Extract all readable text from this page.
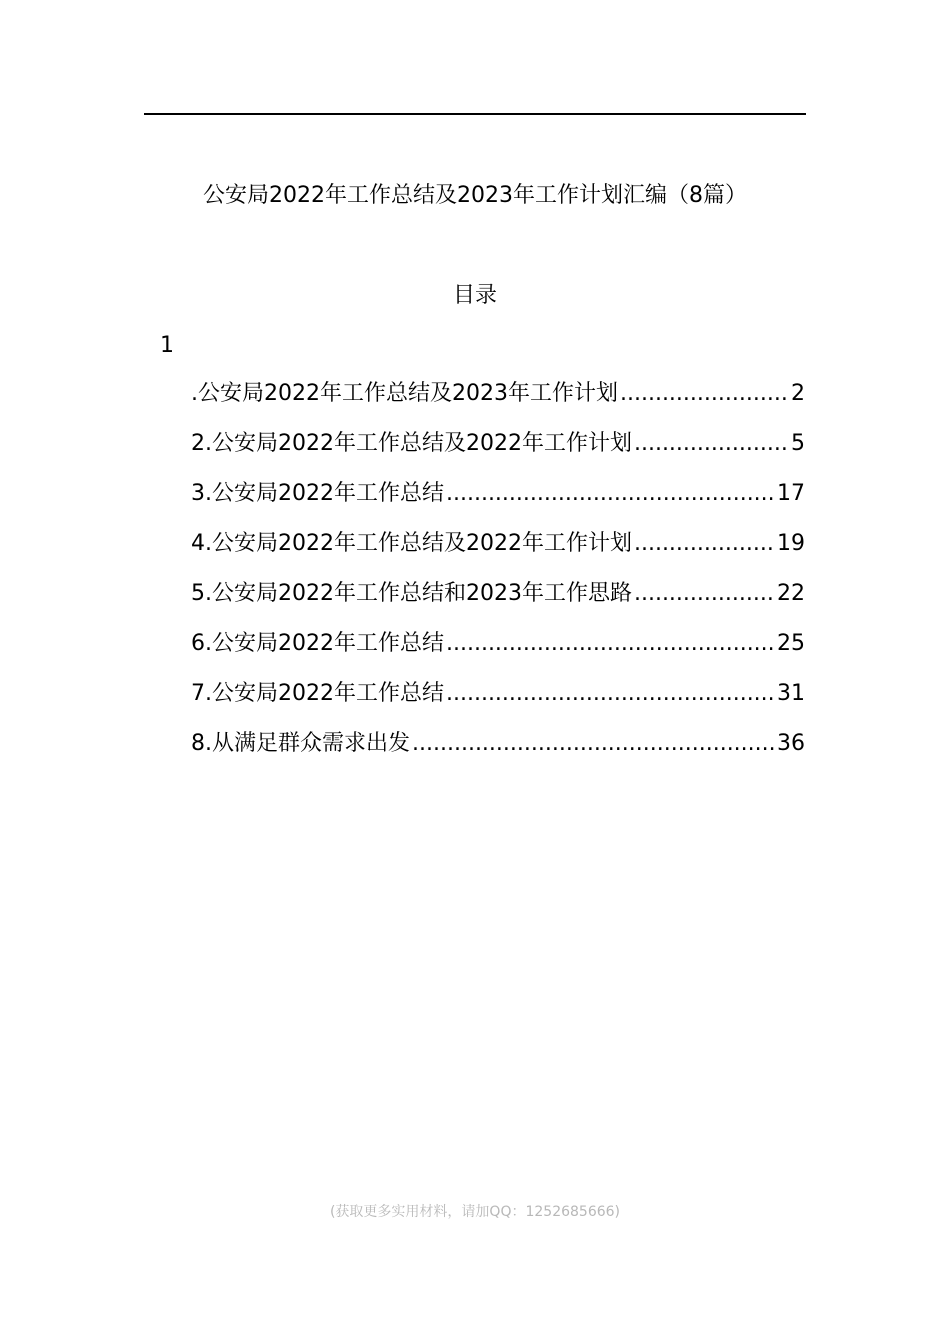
公安局2022年工作总结及2023年工作计划汇编（8篇）
目录
1
.公安局2022年工作总结及2023年工作计划 .....	2
2.公安局2022年工作总结及2022年工作计划 .....	5
3.公安局2022年工作总结 .....	17
4.公安局2022年工作总结及2022年工作计划 .....	19
5.公安局2022年工作总结和2023年工作思路 .....	22
6.公安局2022年工作总结 .....	25
7.公安局2022年工作总结 .....	31
8.从满足群众需求出发 .....	36
(获取更多实用材料，请加QQ：1252685666)
